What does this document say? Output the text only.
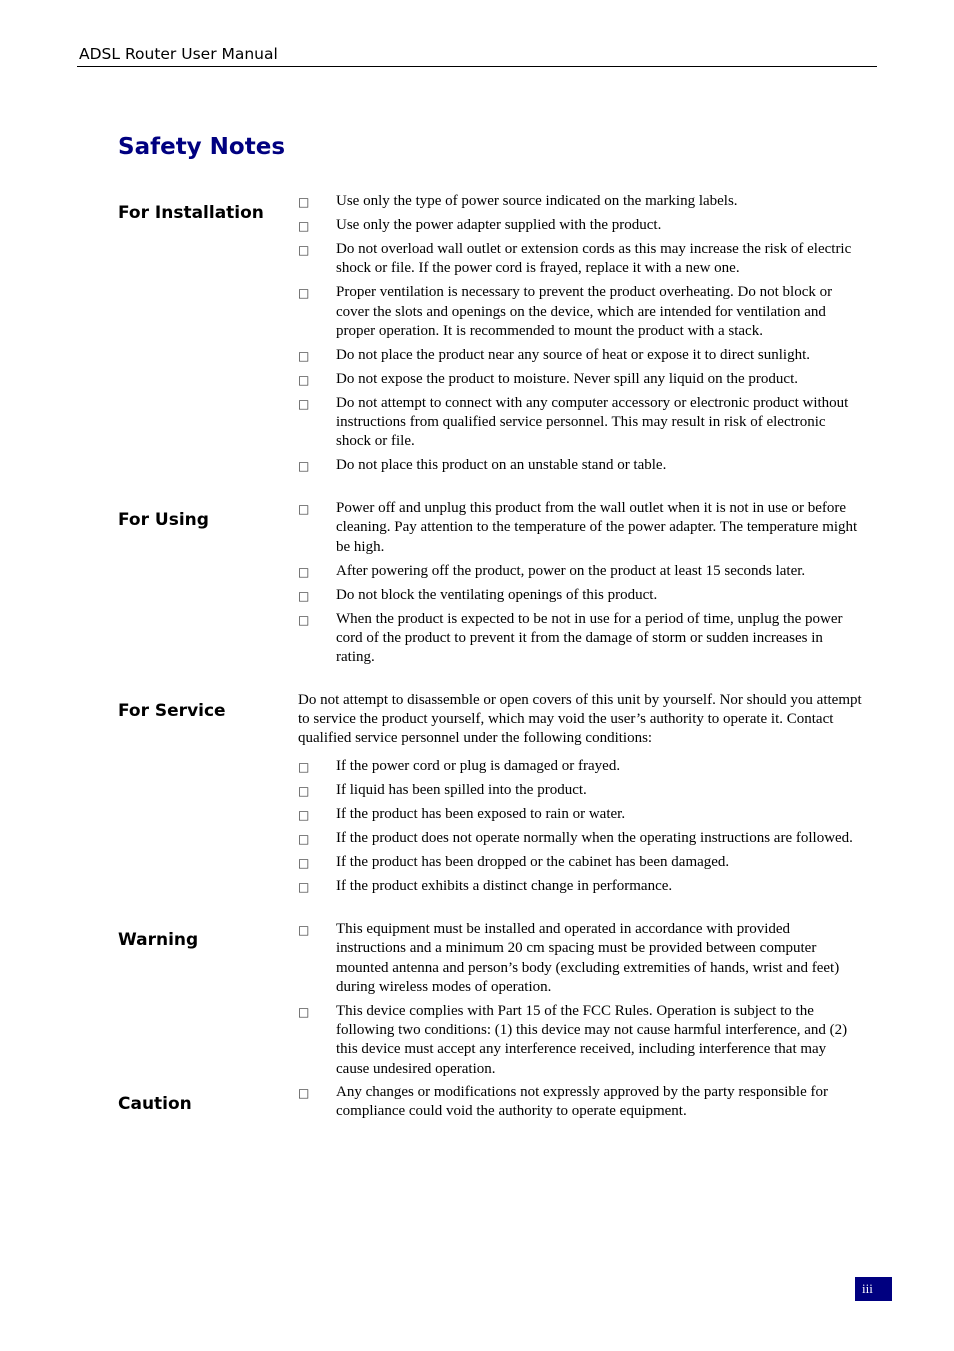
ADSL Router User Manual
Safety Notes
For Installation
□ Use only the type of power source indicated on the marking labels.
□ Use only the power adapter supplied with the product.
□ Do not overload wall outlet or extension cords as this may increase the risk of electric shock or file. If the power cord is frayed, replace it with a new one.
□ Proper ventilation is necessary to prevent the product overheating. Do not block or cover the slots and openings on the device, which are intended for ventilation and proper operation. It is recommended to mount the product with a stack.
□ Do not place the product near any source of heat or expose it to direct sunlight.
□ Do not expose the product to moisture. Never spill any liquid on the product.
□ Do not attempt to connect with any computer accessory or electronic product without instructions from qualified service personnel. This may result in risk of electronic shock or file.
□ Do not place this product on an unstable stand or table.
For Using
□ Power off and unplug this product from the wall outlet when it is not in use or before cleaning. Pay attention to the temperature of the power adapter. The temperature might be high.
□ After powering off the product, power on the product at least 15 seconds later.
□ Do not block the ventilating openings of this product.
□ When the product is expected to be not in use for a period of time, unplug the power cord of the product to prevent it from the damage of storm or sudden increases in rating.
For Service

Do not attempt to disassemble or open covers of this unit by yourself. Nor should you attempt to service the product yourself, which may void the user’s authority to operate it. Contact qualified service personnel under the following conditions:

□ If the power cord or plug is damaged or frayed.
□ If liquid has been spilled into the product.
□ If the product has been exposed to rain or water.
□ If the product does not operate normally when the operating instructions are followed.
□ If the product has been dropped or the cabinet has been damaged.
□ If the product exhibits a distinct change in performance.
Warning	□ This equipment must be installed and operated in accordance with provided instructions and a minimum 20 cm spacing must be provided between computer mounted antenna and person’s body (excluding extremities of hands, wrist and feet) during wireless modes of operation.
□ This device complies with Part 15 of the FCC Rules. Operation is subject to the following two conditions: (1) this device may not cause harmful interference, and (2) this device must accept any interference received, including interference that may cause undesired operation.
Caution
□ Any changes or modifications not expressly approved by the party responsible for compliance could void the authority to operate equipment.
iii
